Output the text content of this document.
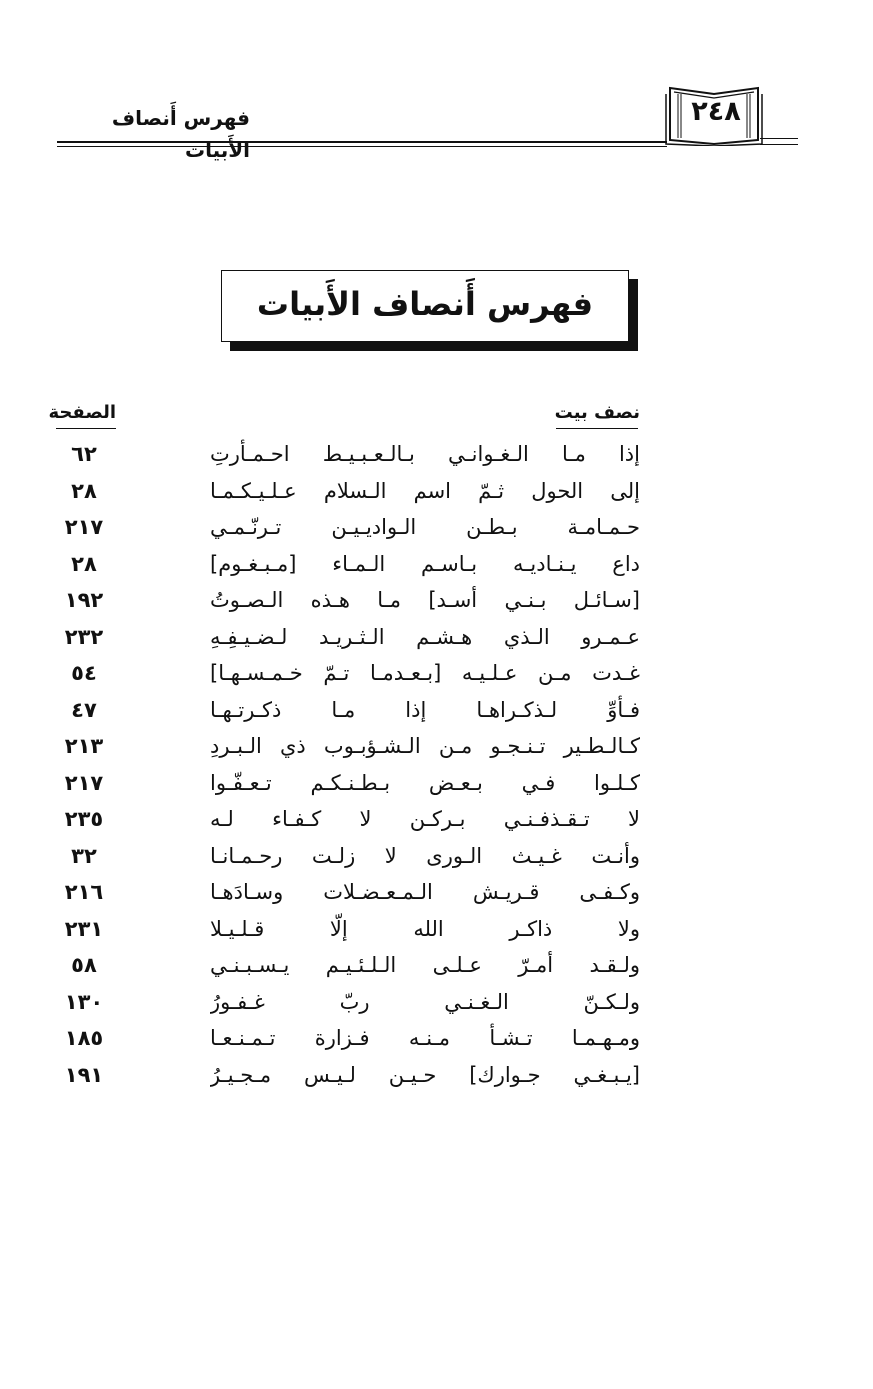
فهرس أَنصاف الأَبيات
٢٤٨
فهرس أَنصاف الأَبيات
نصف بيت
الصفحة
إذا مـا الـغـوانـي بـالـعـبـيـط احـمـأرتِ
٦٢
إلى الحول ثـمّ اسم الـسلام عـلـيـكـمـا
٢٨
حـمـامـة بـطـن الـواديـيـن تـرنّـمـي
٢١٧
داع يـنـاديـه بـاسـم الـمـاء [مـبـغـوم]
٢٨
[سـائـل بـنـي أسـد] مـا هـذه الـصـوتُ
١٩٢
عـمـرو الـذي هـشـم الـثـريـد لـضـيـفِـهِ
٢٣٢
غـدت مـن عـلـيـه [بـعـدمـا تـمّ خـمـسـهـا]
٥٤
فـأوِّ لـذكـراهـا إذا مـا ذكـرتـهـا
٤٧
كـالـطـير تـنـجـو مـن الـشـؤبـوب ذي الـبـردِ
٢١٣
كـلـوا فـي بـعـض بـطـنـكـم تـعـفّـوا
٢١٧
لا تـقـذفـنـي بـركـن لا كـفـاء لـه
٢٣٥
وأنـت غـيـث الـورى لا زلـت رحـمـانـا
٣٢
وكـفـى قـريـش الـمـعـضـلات وسـادَهـا
٢١٦
ولا ذاكـر الله إلّا قـلـيـلا
٢٣١
ولـقـد أمـرّ عـلـى الـلـئـيـم يـسـبـنـي
٥٨
ولـكـنّ الـغـنـي ربّ غـفـورُ
١٣٠
ومـهـمـا تـشـأ مـنـه فـزارة تـمـنـعـا
١٨٥
[يـبـغـي جـوارك] حـيـن لـيـس مـجـيـرُ
١٩١
